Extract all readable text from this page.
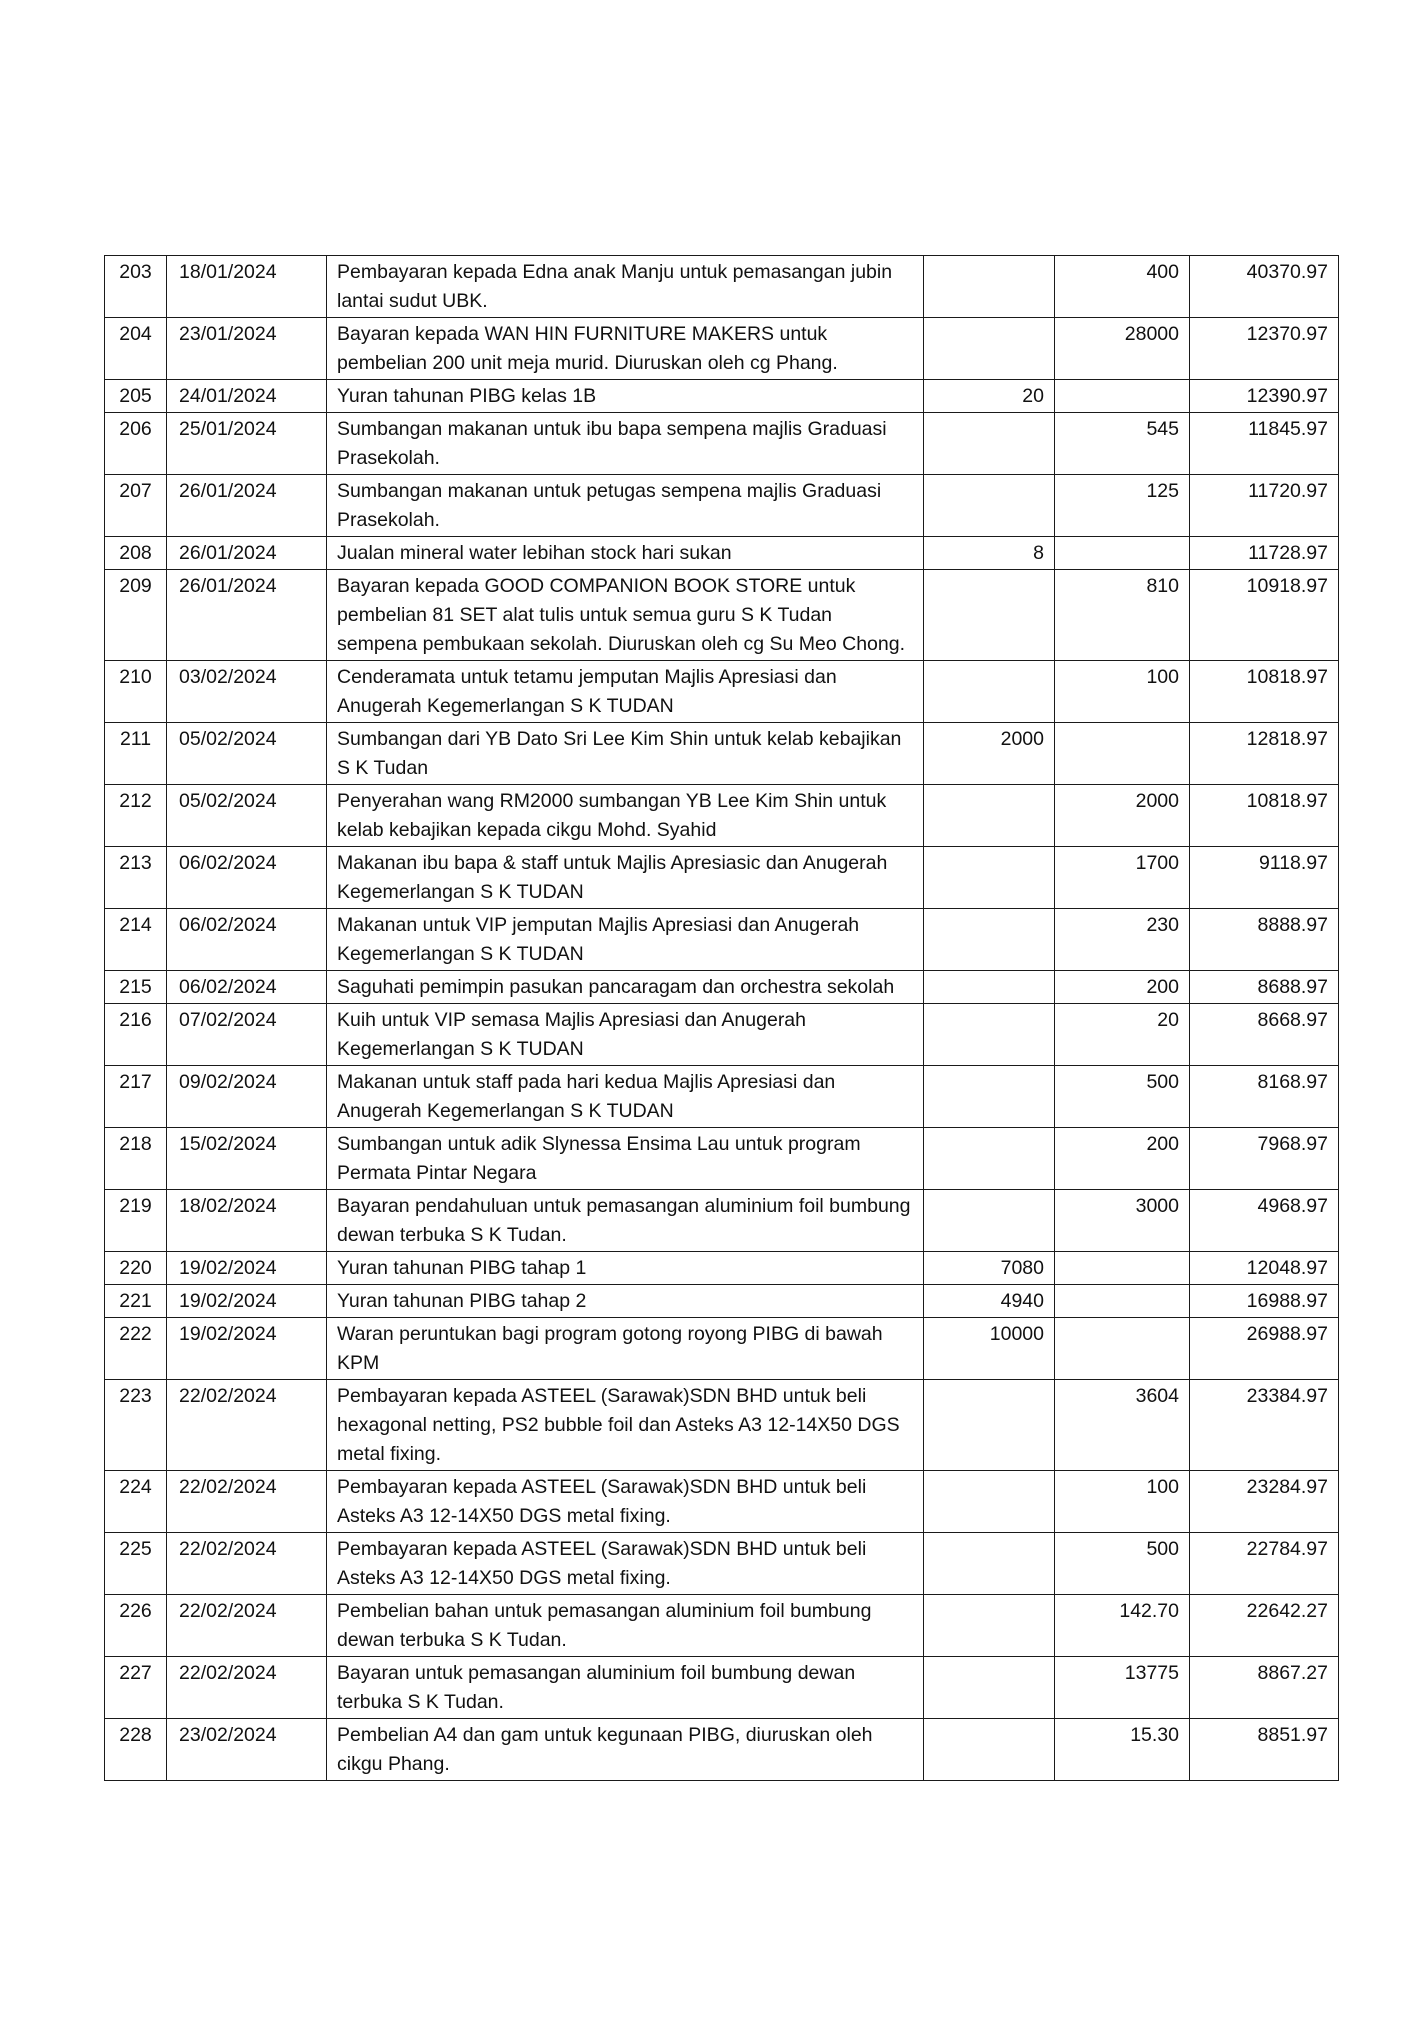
203	18/01/2024	Pembayaran kepada Edna anak Manju untuk pemasangan jubin lantai sudut UBK.		400	40370.97
204	23/01/2024	Bayaran kepada WAN HIN FURNITURE MAKERS untuk pembelian 200 unit meja murid. Diuruskan oleh cg Phang.		28000	12370.97
205	24/01/2024	Yuran tahunan PIBG kelas 1B	20		12390.97
206	25/01/2024	Sumbangan makanan untuk ibu bapa sempena majlis Graduasi Prasekolah.		545	11845.97
207	26/01/2024	Sumbangan makanan untuk petugas sempena majlis Graduasi Prasekolah.		125	11720.97
208	26/01/2024	Jualan mineral water lebihan stock hari sukan	8		11728.97
209	26/01/2024	Bayaran kepada GOOD COMPANION BOOK STORE untuk pembelian 81 SET alat tulis untuk semua guru S K Tudan sempena pembukaan sekolah. Diuruskan oleh cg Su Meo Chong.		810	10918.97
210	03/02/2024	Cenderamata untuk tetamu jemputan Majlis Apresiasi dan Anugerah Kegemerlangan S K TUDAN		100	10818.97
211	05/02/2024	Sumbangan dari YB Dato Sri Lee Kim Shin untuk kelab kebajikan S K Tudan	2000		12818.97
212	05/02/2024	Penyerahan wang RM2000 sumbangan YB Lee Kim Shin untuk kelab kebajikan kepada cikgu Mohd. Syahid		2000	10818.97
213	06/02/2024	Makanan ibu bapa & staff untuk Majlis Apresiasic dan Anugerah Kegemerlangan S K TUDAN		1700	9118.97
214	06/02/2024	Makanan untuk VIP jemputan Majlis Apresiasi dan Anugerah Kegemerlangan S K TUDAN		230	8888.97
215	06/02/2024	Saguhati pemimpin pasukan pancaragam dan orchestra sekolah		200	8688.97
216	07/02/2024	Kuih untuk VIP semasa Majlis Apresiasi dan Anugerah Kegemerlangan S K TUDAN		20	8668.97
217	09/02/2024	Makanan untuk staff pada hari kedua Majlis Apresiasi dan Anugerah Kegemerlangan S K TUDAN		500	8168.97
218	15/02/2024	Sumbangan untuk adik Slynessa Ensima Lau untuk program Permata Pintar Negara		200	7968.97
219	18/02/2024	Bayaran pendahuluan untuk pemasangan aluminium foil bumbung dewan terbuka S K Tudan.		3000	4968.97
220	19/02/2024	Yuran tahunan PIBG tahap 1	7080		12048.97
221	19/02/2024	Yuran tahunan PIBG tahap 2	4940		16988.97
222	19/02/2024	Waran peruntukan bagi program gotong royong PIBG di bawah KPM	10000		26988.97
223	22/02/2024	Pembayaran kepada ASTEEL (Sarawak)SDN BHD untuk beli hexagonal netting, PS2 bubble foil dan Asteks A3 12-14X50 DGS metal fixing.		3604	23384.97
224	22/02/2024	Pembayaran kepada ASTEEL (Sarawak)SDN BHD untuk beli Asteks A3 12-14X50 DGS metal fixing.		100	23284.97
225	22/02/2024	Pembayaran kepada ASTEEL (Sarawak)SDN BHD untuk beli Asteks A3 12-14X50 DGS metal fixing.		500	22784.97
226	22/02/2024	Pembelian bahan untuk pemasangan aluminium foil bumbung dewan terbuka S K Tudan.		142.70	22642.27
227	22/02/2024	Bayaran untuk pemasangan aluminium foil bumbung dewan terbuka S K Tudan.		13775	8867.27
228	23/02/2024	Pembelian A4 dan gam untuk kegunaan PIBG, diuruskan oleh cikgu Phang.		15.30	8851.97
